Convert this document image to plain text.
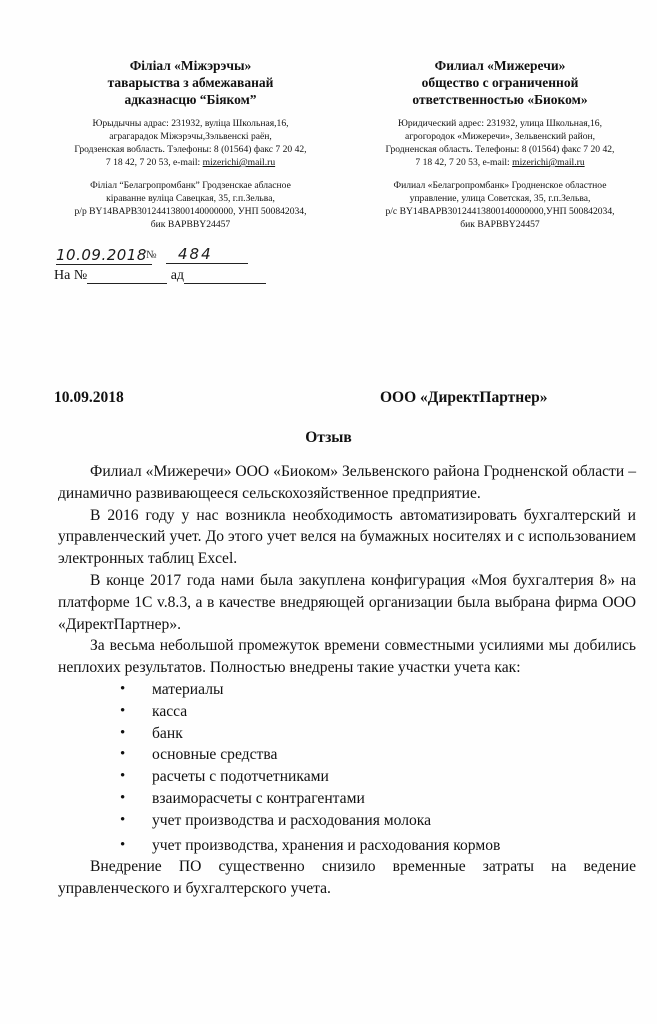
Філіал «Міжэрэчы»
таварыства з абмежаванай
адказнасцю “Біяком”
Юрыдычны адрас: 231932, вуліца Школьная,16,
аграгарадок Міжэрэчы,Зэльвенскі раён,
Гродзенская вобласть. Тэлефоны: 8 (01564) факс 7 20 42,
7 18 42, 7 20 53, e-mail: mizerichi@mail.ru
Філіал “Белагропромбанк” Гродзенскае абласное
кіраванне вуліца Савецкая, 35, г.п.Зельва,
р/р BY14BAPB30124413800140000000, УНП 500842034,
бик BAPBBY24457
Филиал «Мижеречи»
общество с ограниченной
ответственностью «Биоком»
Юридический адрес: 231932, улица Школьная,16,
агрогородок «Мижеречи», Зельвенский район,
Гродненская область. Телефоны: 8 (01564) факс 7 20 42,
7 18 42, 7 20 53, e-mail: mizerichi@mail.ru
Филиал «Белагропромбанк» Гродненское областное
управление, улица Советская, 35, г.п.Зельва,
р/с BY14BAPB30124413800140000000,УНП 500842034,
бик BAPBBY24457
10.09.2018 №	484
На №	ад
10.09.2018	ООО «ДиректПартнер»
Отзыв

Филиал «Мижеречи» ООО «Биоком» Зельвенского района Гродненской области – динамично развивающееся сельскохозяйственное предприятие.

В 2016 году у нас возникла необходимость автоматизировать бухгалтерский и управленческий учет. До этого учет велся на бумажных носителях и с использованием электронных таблиц Excel.

В конце 2017 года нами была закуплена конфигурация «Моя бухгалтерия 8» на платформе 1С v.8.3, а в качестве внедряющей организации была выбрана фирма ООО «ДиректПартнер».

За весьма небольшой промежуток времени совместными усилиями мы добились неплохих результатов. Полностью внедрены такие участки учета как:

• материалы
• касса
• банк
• основные средства
• расчеты с подотчетниками
• взаиморасчеты с контрагентами
• учет производства и расходования молока
• учет производства, хранения и расходования кормов

Внедрение ПО существенно снизило временные затраты на ведение управленческого и бухгалтерского учета.
